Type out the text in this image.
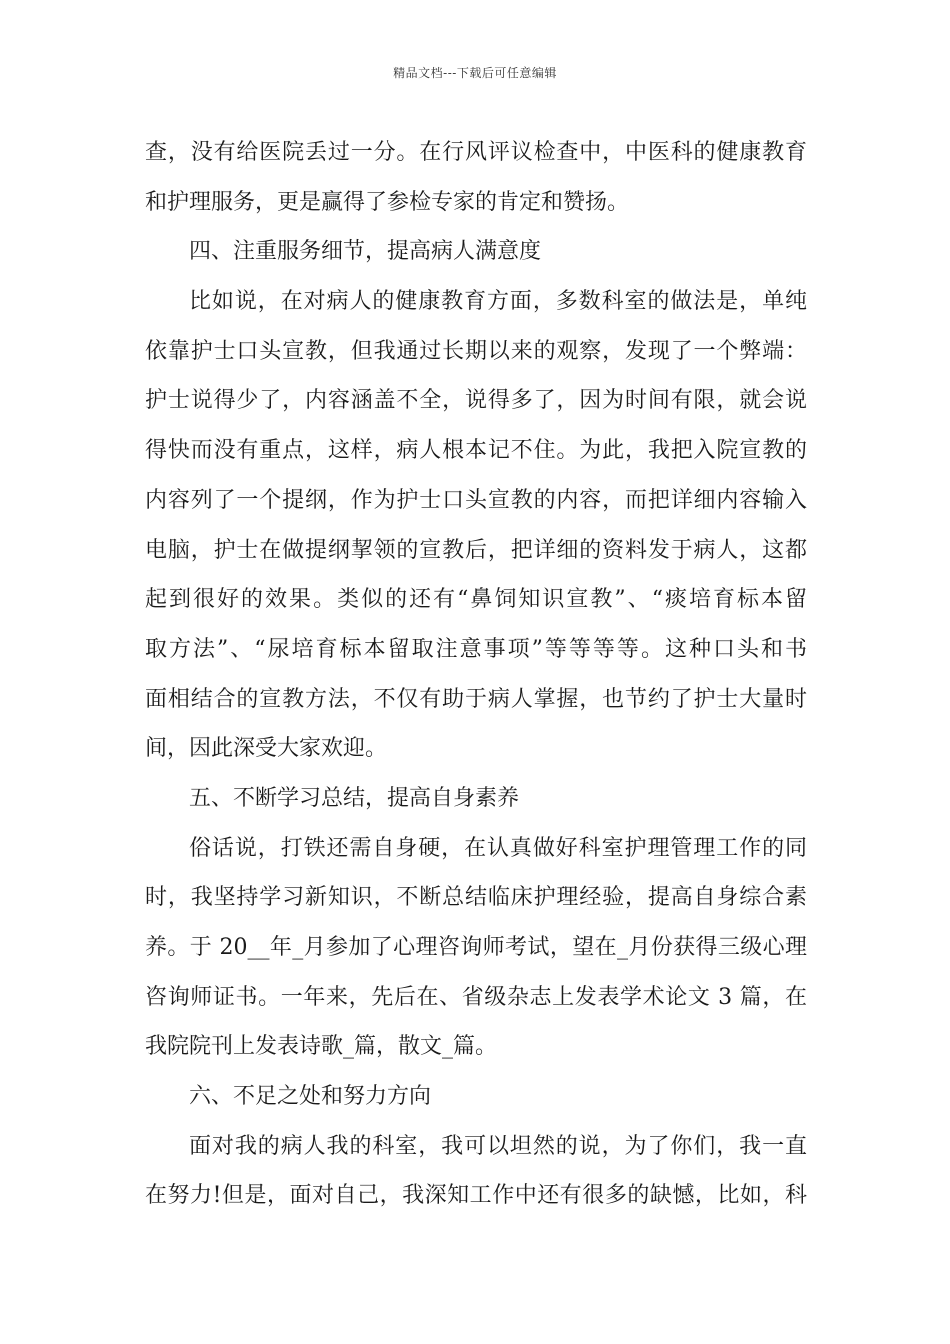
精品文档---下载后可任意编辑
查，没有给医院丢过一分。在行风评议检查中，中医科的健康教育
和护理服务，更是赢得了参检专家的肯定和赞扬。
四、注重服务细节，提高病人满意度
比如说，在对病人的健康教育方面，多数科室的做法是，单纯
依靠护士口头宣教，但我通过长期以来的观察，发现了一个弊端：
护士说得少了，内容涵盖不全，说得多了，因为时间有限，就会说
得快而没有重点，这样，病人根本记不住。为此，我把入院宣教的
内容列了一个提纲，作为护士口头宣教的内容，而把详细内容输入
电脑，护士在做提纲挈领的宣教后，把详细的资料发于病人，这都
起到很好的效果。类似的还有“鼻饲知识宣教”、“痰培育标本留
取方法”、“尿培育标本留取注意事项”等等等等。这种口头和书
面相结合的宣教方法，不仅有助于病人掌握，也节约了护士大量时
间，因此深受大家欢迎。
五、不断学习总结，提高自身素养
俗话说，打铁还需自身硬，在认真做好科室护理管理工作的同
时，我坚持学习新知识，不断总结临床护理经验，提高自身综合素
养。于 20__年_月参加了心理咨询师考试，望在_月份获得三级心理
咨询师证书。一年来，先后在、省级杂志上发表学术论文 3 篇，在
我院院刊上发表诗歌_篇，散文_篇。
六、不足之处和努力方向
面对我的病人我的科室，我可以坦然的说，为了你们，我一直
在努力!但是，面对自己，我深知工作中还有很多的缺憾，比如，科
